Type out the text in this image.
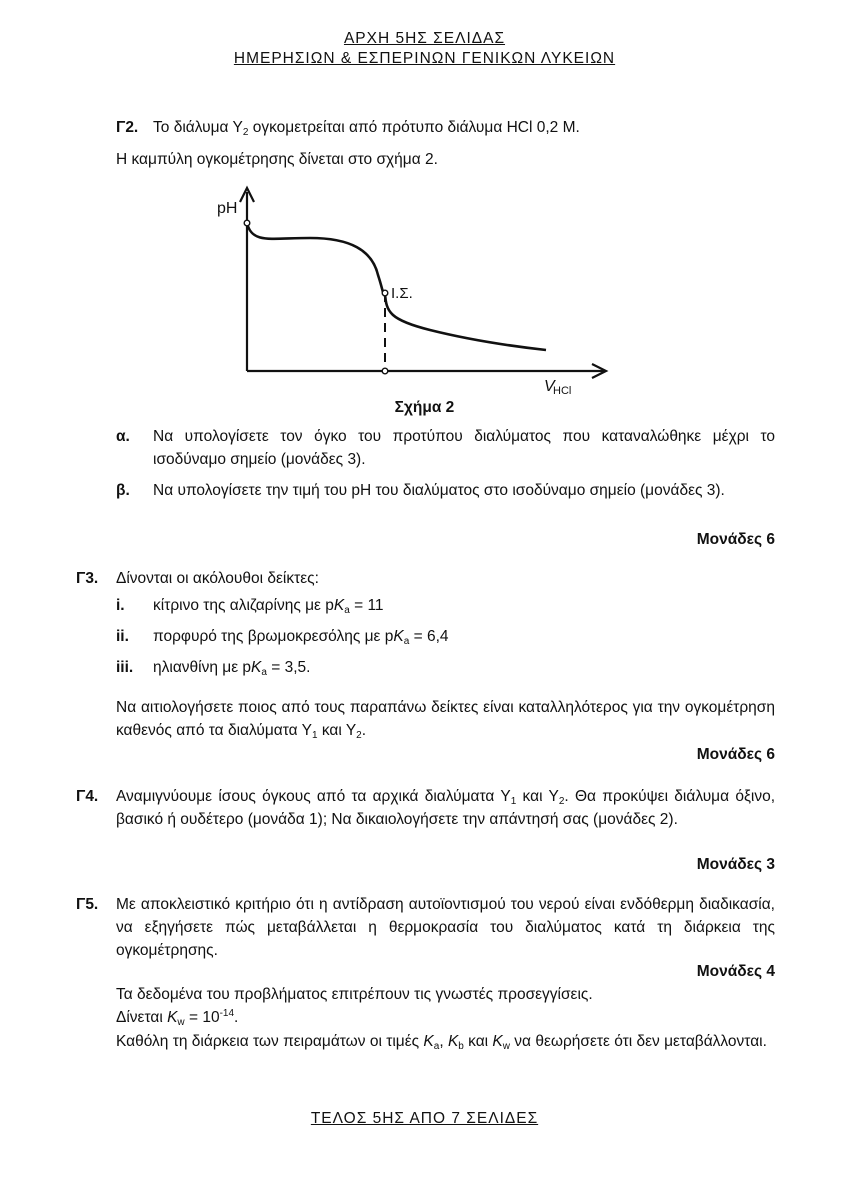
ΑΡΧΗ 5ΗΣ ΣΕΛΙΔΑΣ
ΗΜΕΡΗΣΙΩΝ & ΕΣΠΕΡΙΝΩΝ ΓΕΝΙΚΩΝ ΛΥΚΕΙΩΝ
Γ2. Το διάλυμα $\Upsilon_2$ ογκομετρείται από πρότυπο διάλυμα HCl 0,2 Μ.
Η καμπύλη ογκομέτρησης δίνεται στο σχήμα 2.
pH
Ι.Σ.
V
HCl
Σχήμα 2
α. Να υπολογίσετε τον όγκο του προτύπου διαλύματος που καταναλώθηκε μέχρι το ισοδύναμο σημείο (μονάδες 3).
β. Να υπολογίσετε την τιμή του pH του διαλύματος στο ισοδύναμο σημείο (μονάδες 3).
Μονάδες 6
Γ3. Δίνονται οι ακόλουθοι δείκτες:
i. κίτρινο της αλιζαρίνης με $pK_a = 11$
ii. πορφυρό της βρωμοκρεσόλης με $pK_a = 6,4$
iii. ηλιανθίνη με $pK_a = 3,5$.
Να αιτιολογήσετε ποιος από τους παραπάνω δείκτες είναι καταλληλότερος για την ογκομέτρηση καθενός από τα διαλύματα $\Upsilon_1$ και $\Upsilon_2$.
Μονάδες 6
Γ4. Αναμιγνύουμε ίσους όγκους από τα αρχικά διαλύματα $\Upsilon_1$ και $\Upsilon_2$. Θα προκύψει διάλυμα όξινο, βασικό ή ουδέτερο (μονάδα 1); Να δικαιολογήσετε την απάντησή σας (μονάδες 2).
Μονάδες 3
Γ5. Με αποκλειστικό κριτήριο ότι η αντίδραση αυτοϊοντισμού του νερού είναι ενδόθερμη διαδικασία, να εξηγήσετε πώς μεταβάλλεται η θερμοκρασία του διαλύματος κατά τη διάρκεια της ογκομέτρησης.
Μονάδες 4
Τα δεδομένα του προβλήματος επιτρέπουν τις γνωστές προσεγγίσεις.
Δίνεται $K_w = 10^{-14}$.
Καθόλη τη διάρκεια των πειραμάτων οι τιμές $K_a$, $K_b$ και $K_w$ να θεωρήσετε ότι δεν μεταβάλλονται.
ΤΕΛΟΣ 5ΗΣ ΑΠΟ 7 ΣΕΛΙΔΕΣ
